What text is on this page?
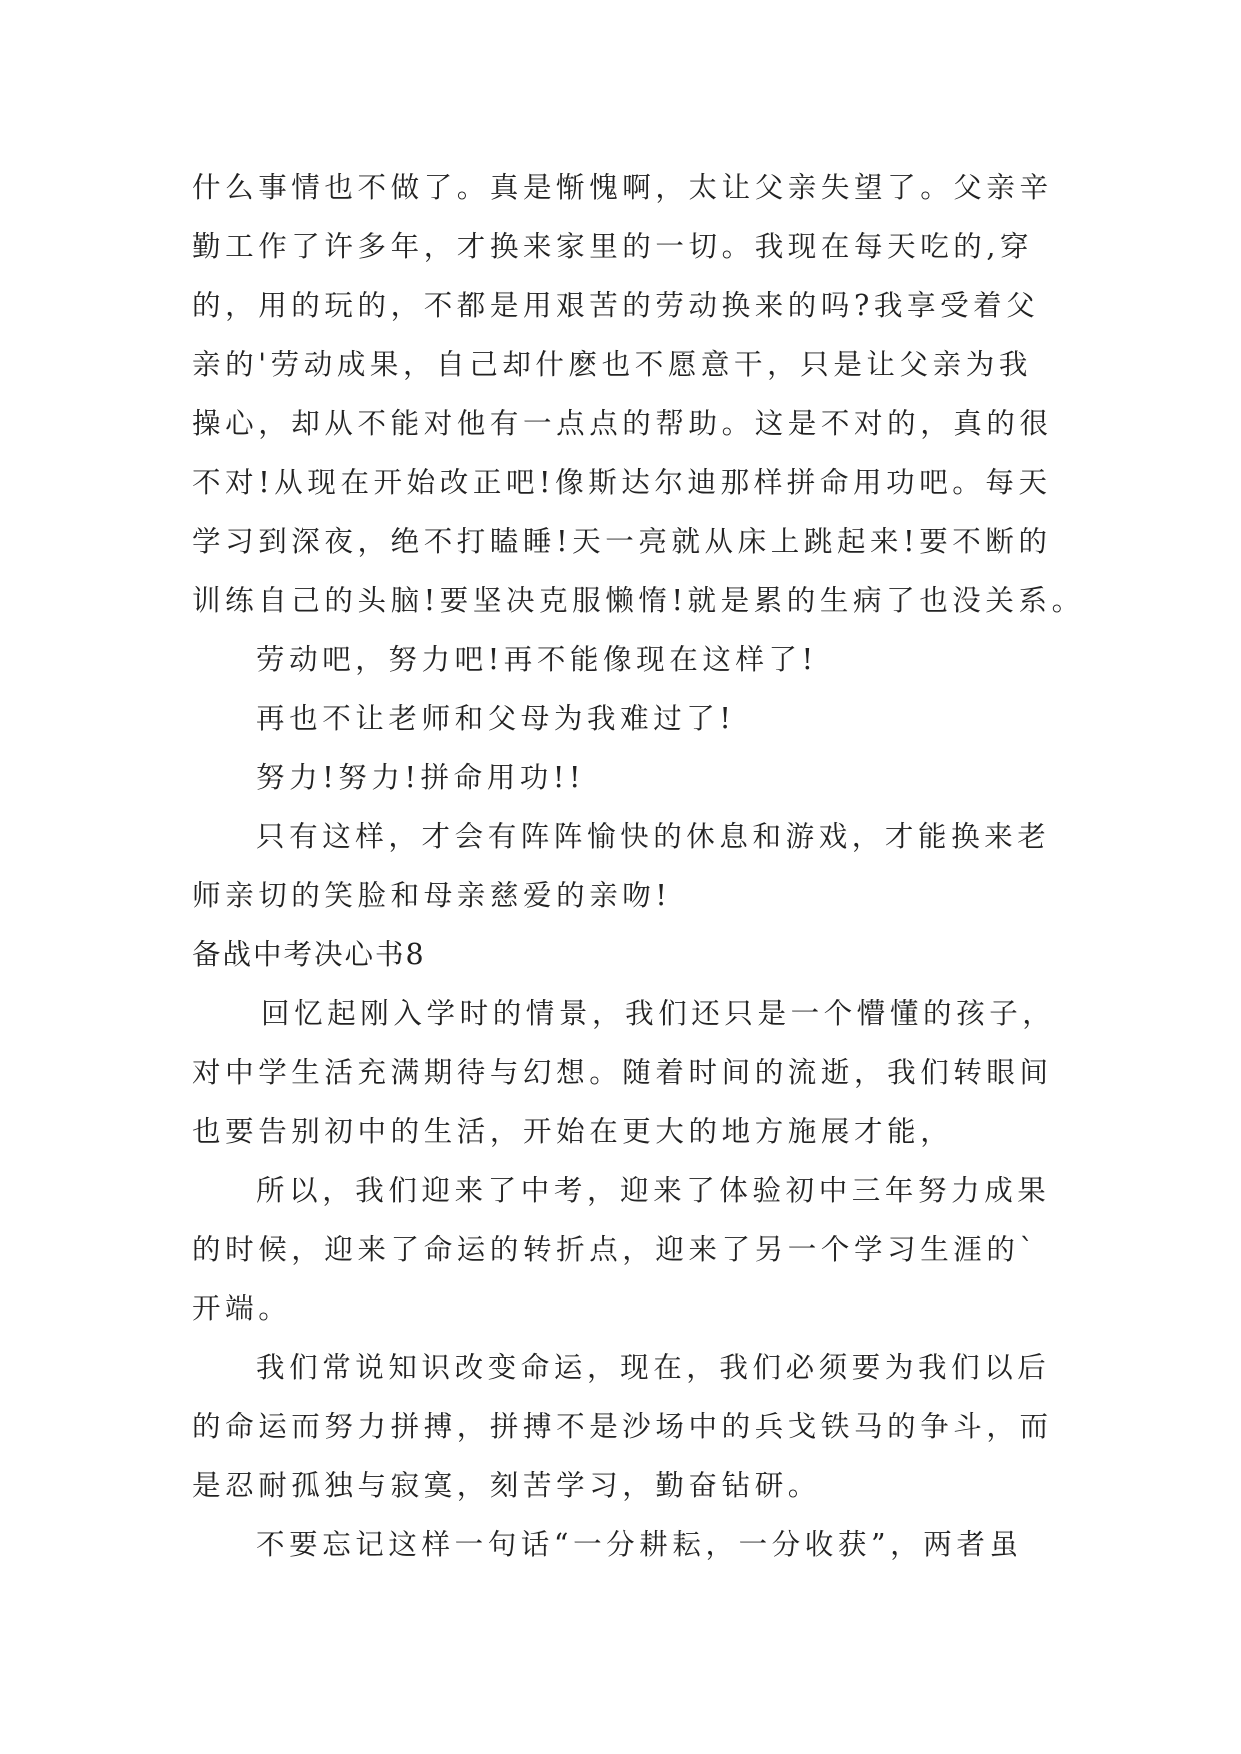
什么事情也不做了。真是惭愧啊，太让父亲失望了。父亲辛
勤工作了许多年，才换来家里的一切。我现在每天吃的,穿
的，用的玩的，不都是用艰苦的劳动换来的吗?我享受着父
亲的'劳动成果，自己却什麽也不愿意干，只是让父亲为我
操心，却从不能对他有一点点的帮助。这是不对的，真的很
不对!从现在开始改正吧!像斯达尔迪那样拼命用功吧。每天
学习到深夜，绝不打瞌睡!天一亮就从床上跳起来!要不断的
训练自己的头脑!要坚决克服懒惰!就是累的生病了也没关系。
劳动吧，努力吧!再不能像现在这样了!
再也不让老师和父母为我难过了!
努力!努力!拼命用功!!
只有这样，才会有阵阵愉快的休息和游戏，才能换来老
师亲切的笑脸和母亲慈爱的亲吻!
备战中考决心书8
回忆起刚入学时的情景，我们还只是一个懵懂的孩子，
对中学生活充满期待与幻想。随着时间的流逝，我们转眼间
也要告别初中的生活，开始在更大的地方施展才能，
所以，我们迎来了中考，迎来了体验初中三年努力成果
的时候，迎来了命运的转折点，迎来了另一个学习生涯的`
开端。
我们常说知识改变命运，现在，我们必须要为我们以后
的命运而努力拼搏，拼搏不是沙场中的兵戈铁马的争斗，而
是忍耐孤独与寂寞，刻苦学习，勤奋钻研。
不要忘记这样一句话“一分耕耘，一分收获”，两者虽
